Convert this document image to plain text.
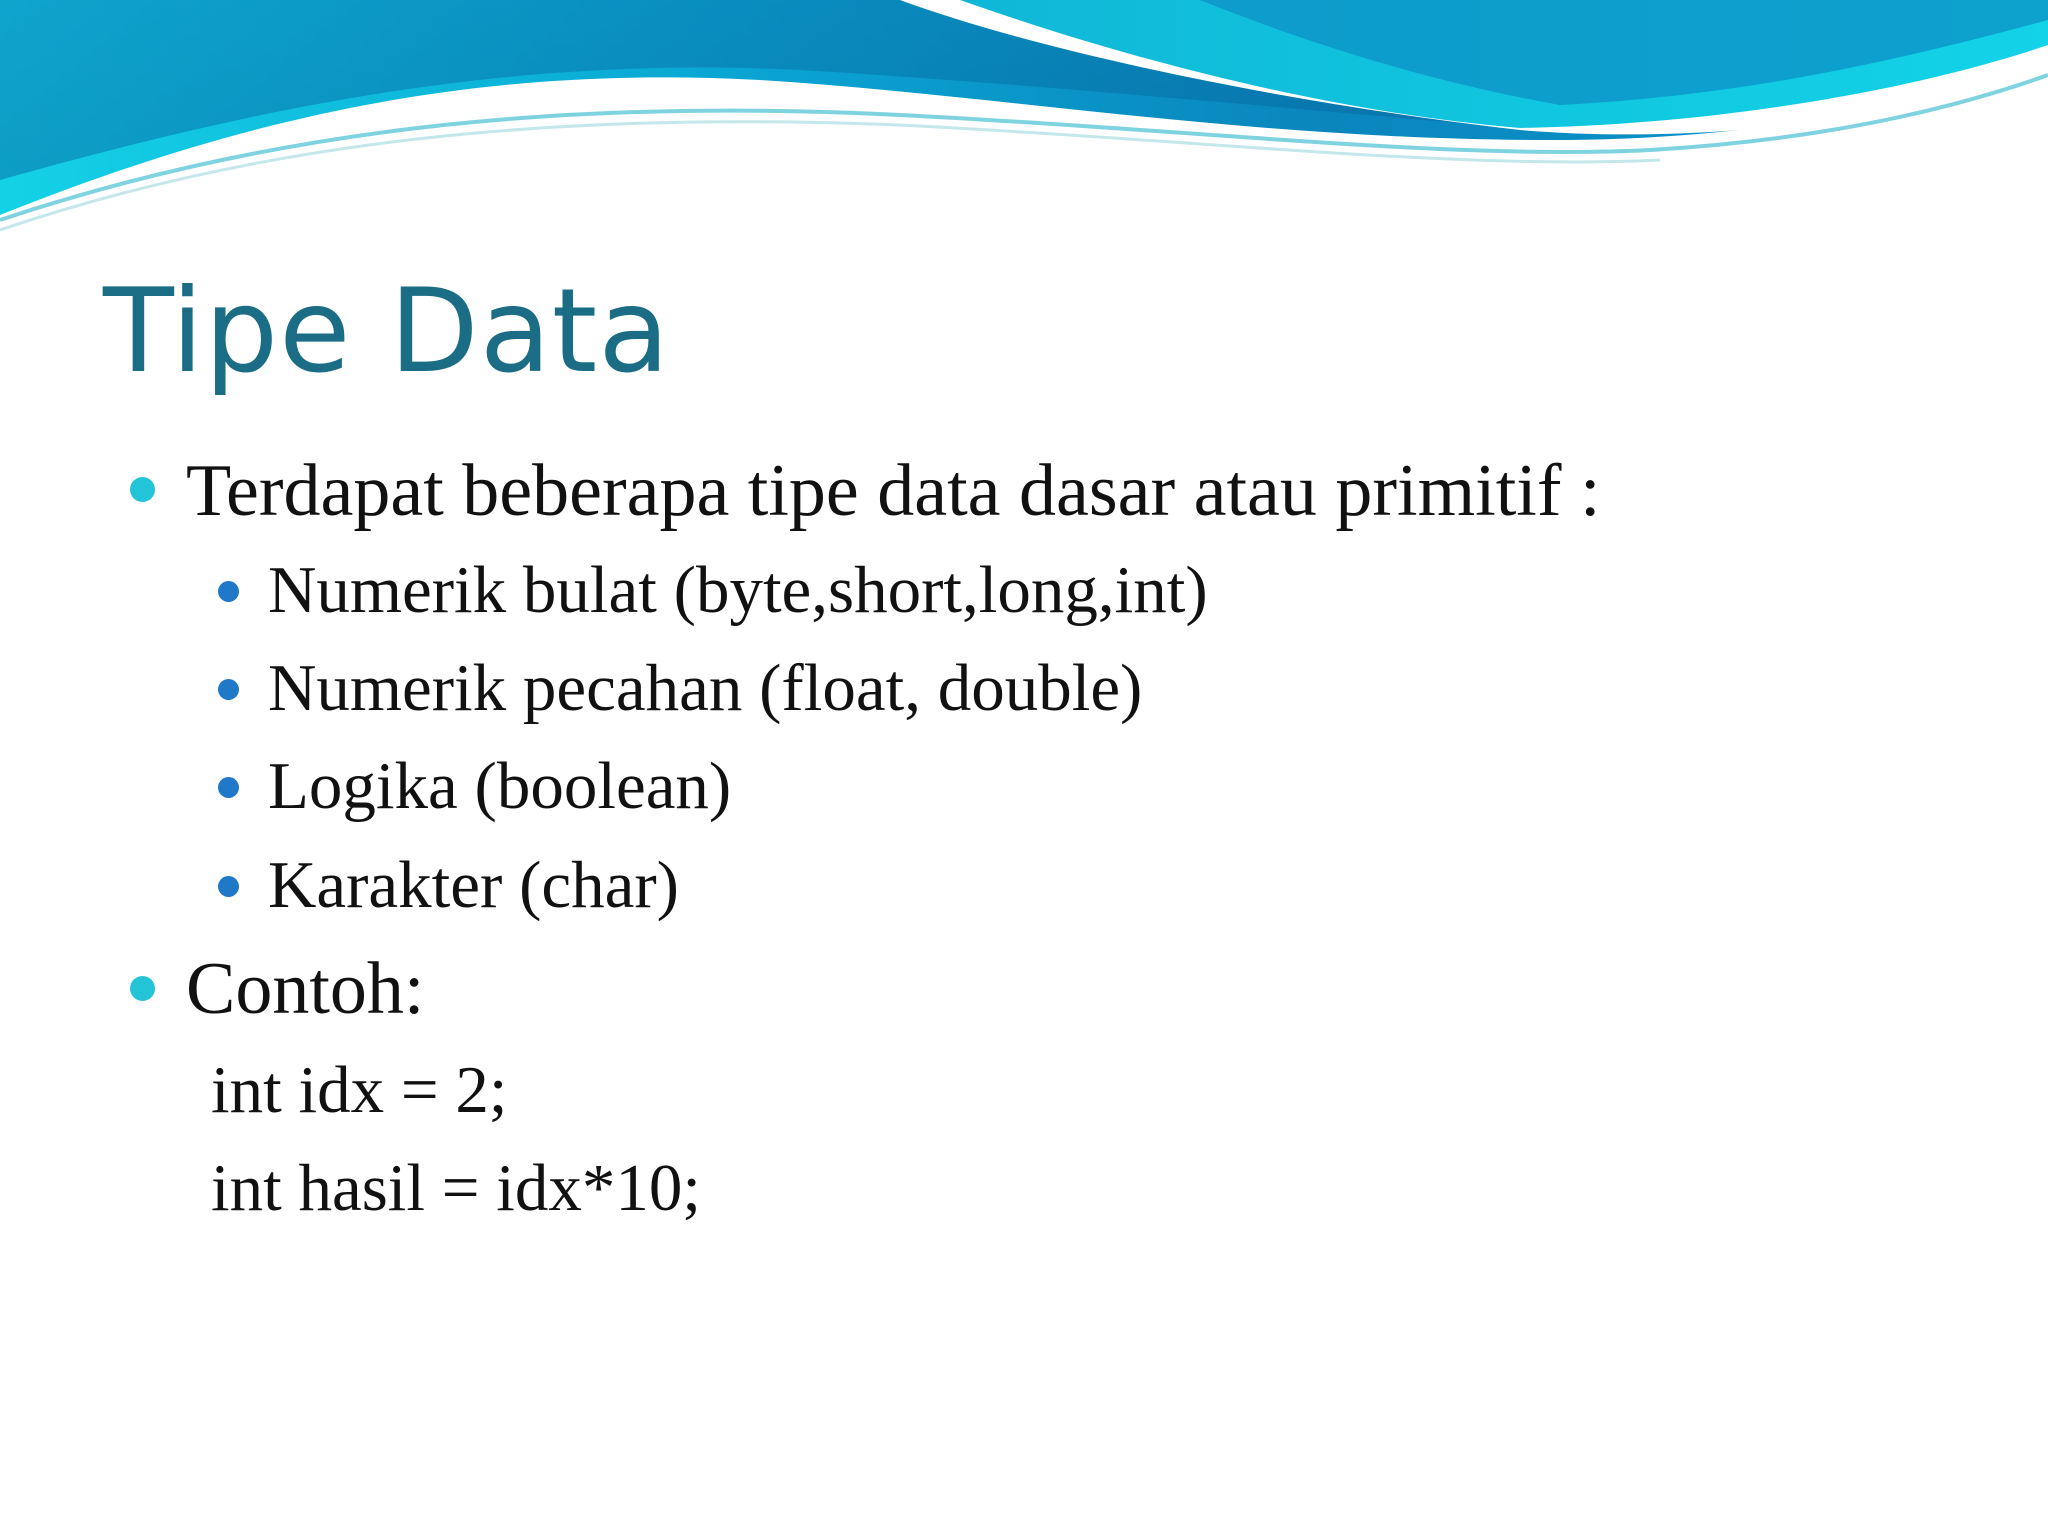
Tipe Data
Terdapat beberapa tipe data dasar atau primitif :
Numerik bulat (byte,short,long,int)
Numerik pecahan (float, double)
Logika (boolean)
Karakter (char)
Contoh:
int idx = 2;
int hasil = idx*10;
